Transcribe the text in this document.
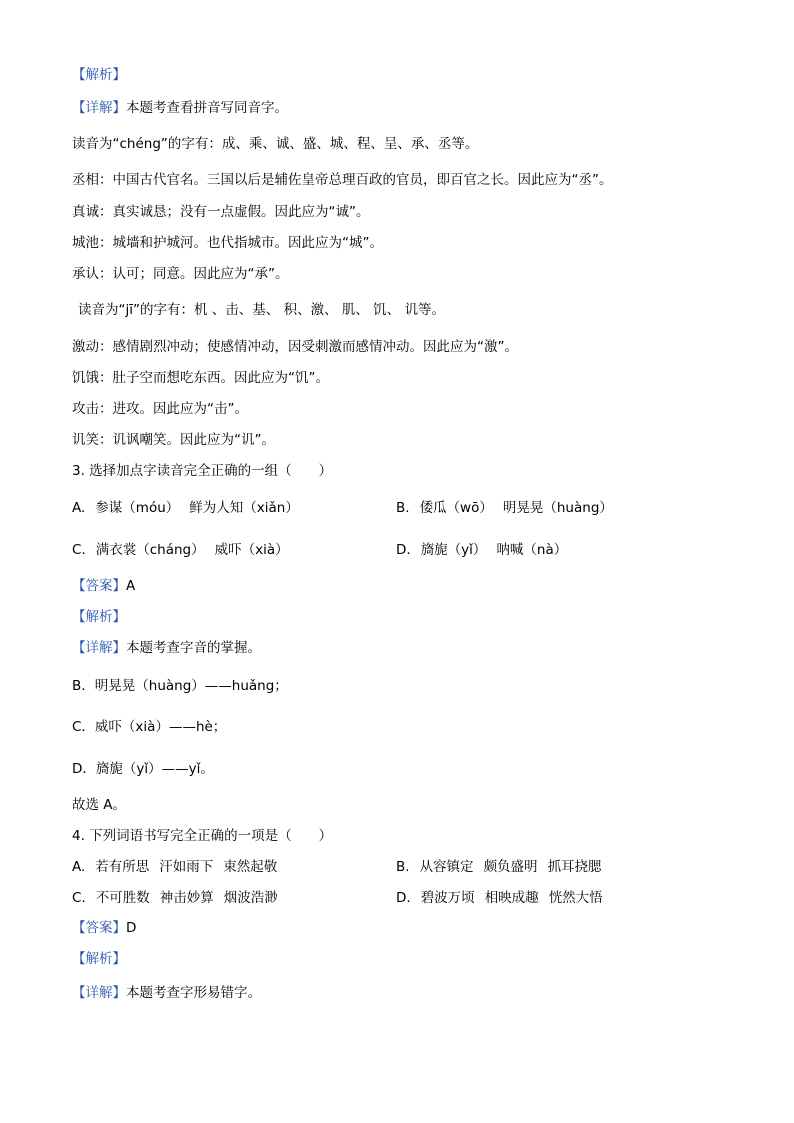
【解析】
【详解】本题考查看拼音写同音字。
读音为“chéng”的字有：成、乘、诚、盛、城、程、呈、承、丞等。
丞相：中国古代官名。三国以后是辅佐皇帝总理百政的官员，即百官之长。因此应为“丞”。
真诚：真实诚恳；没有一点虚假。因此应为“诚”。
城池：城墙和护城河。也代指城市。因此应为“城”。
承认：认可；同意。因此应为“承”。
读音为“jī”的字有：机 、击、基、 积、激、 肌、 饥、 讥等。
激动：感情剧烈冲动；使感情冲动，因受刺激而感情冲动。因此应为“激”。
饥饿：肚子空而想吃东西。因此应为“饥”。
攻击：进攻。因此应为“击”。
讥笑：讥讽嘲笑。因此应为“讥”。
3. 选择加点字读音完全正确的一组（　　）
A. 参谋（móu） 鲜为人知（xiǎn）	B. 倭瓜（wō） 明晃晃（huàng）
C. 满衣裳（cháng） 威吓（xià）	D. 旖旎（yǐ） 呐喊（nà）
【答案】A
【解析】
【详解】本题考查字音的掌握。
B．明晃晃（huàng）——huǎng；
C．威吓（xià）——hè；
D．旖旎（yǐ）——yǐ。
故选 A。
4. 下列词语书写完全正确的一项是（　　）
A. 若有所思 汗如雨下 束然起敬	B. 从容镇定 颇负盛明 抓耳挠腮
C. 不可胜数 神击妙算 烟波浩渺	D. 碧波万顷 相映成趣 恍然大悟
【答案】D
【解析】
【详解】本题考查字形易错字。
